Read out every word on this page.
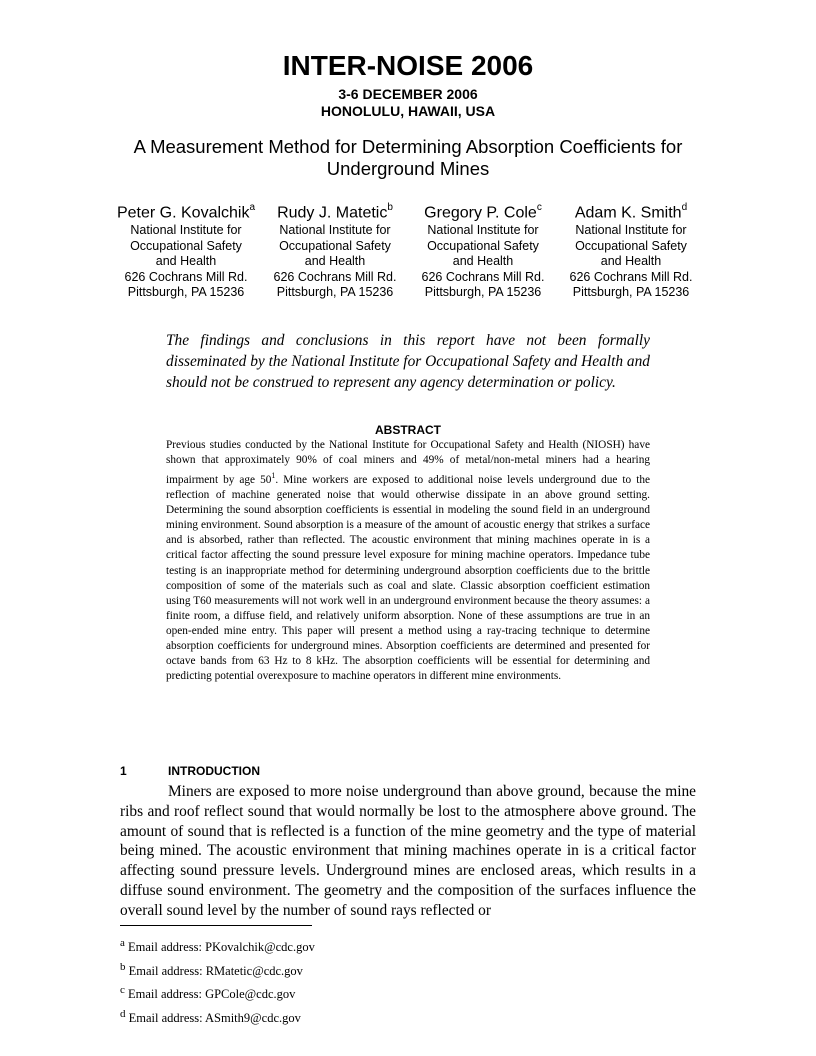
INTER-NOISE 2006
3-6 DECEMBER 2006
HONOLULU, HAWAII, USA
A Measurement Method for Determining Absorption Coefficients for Underground Mines
Peter G. Kovalchik$^a$
National Institute for
Occupational Safety
and Health
626 Cochrans Mill Rd.
Pittsburgh, PA 15236
Rudy J. Matetic$^b$
National Institute for
Occupational Safety
and Health
626 Cochrans Mill Rd.
Pittsburgh, PA 15236
Gregory P. Cole$^c$
National Institute for
Occupational Safety
and Health
626 Cochrans Mill Rd.
Pittsburgh, PA 15236
Adam K. Smith$^d$
National Institute for
Occupational Safety
and Health
626 Cochrans Mill Rd.
Pittsburgh, PA 15236
The findings and conclusions in this report have not been formally disseminated by the National Institute for Occupational Safety and Health and should not be construed to represent any agency determination or policy.
ABSTRACT
Previous studies conducted by the National Institute for Occupational Safety and Health (NIOSH) have shown that approximately 90% of coal miners and 49% of metal/non-metal miners had a hearing impairment by age $50^1$. Mine workers are exposed to additional noise levels underground due to the reflection of machine generated noise that would otherwise dissipate in an above ground setting. Determining the sound absorption coefficients is essential in modeling the sound field in an underground mining environment. Sound absorption is a measure of the amount of acoustic energy that strikes a surface and is absorbed, rather than reflected. The acoustic environment that mining machines operate in is a critical factor affecting the sound pressure level exposure for mining machine operators. Impedance tube testing is an inappropriate method for determining underground absorption coefficients due to the brittle composition of some of the materials such as coal and slate. Classic absorption coefficient estimation using T60 measurements will not work well in an underground environment because the theory assumes: a finite room, a diffuse field, and relatively uniform absorption. None of these assumptions are true in an open-ended mine entry. This paper will present a method using a ray-tracing technique to determine absorption coefficients for underground mines. Absorption coefficients are determined and presented for octave bands from 63 Hz to 8 kHz. The absorption coefficients will be essential for determining and predicting potential overexposure to machine operators in different mine environments.
1	INTRODUCTION
Miners are exposed to more noise underground than above ground, because the mine ribs and roof reflect sound that would normally be lost to the atmosphere above ground. The amount of sound that is reflected is a function of the mine geometry and the type of material being mined. The acoustic environment that mining machines operate in is a critical factor affecting sound pressure levels. Underground mines are enclosed areas, which results in a diffuse sound environment. The geometry and the composition of the surfaces influence the overall sound level by the number of sound rays reflected or
$^a$ Email address: PKovalchik@cdc.gov
$^b$ Email address: RMatetic@cdc.gov
$^c$ Email address: GPCole@cdc.gov
$^d$ Email address: ASmith9@cdc.gov
